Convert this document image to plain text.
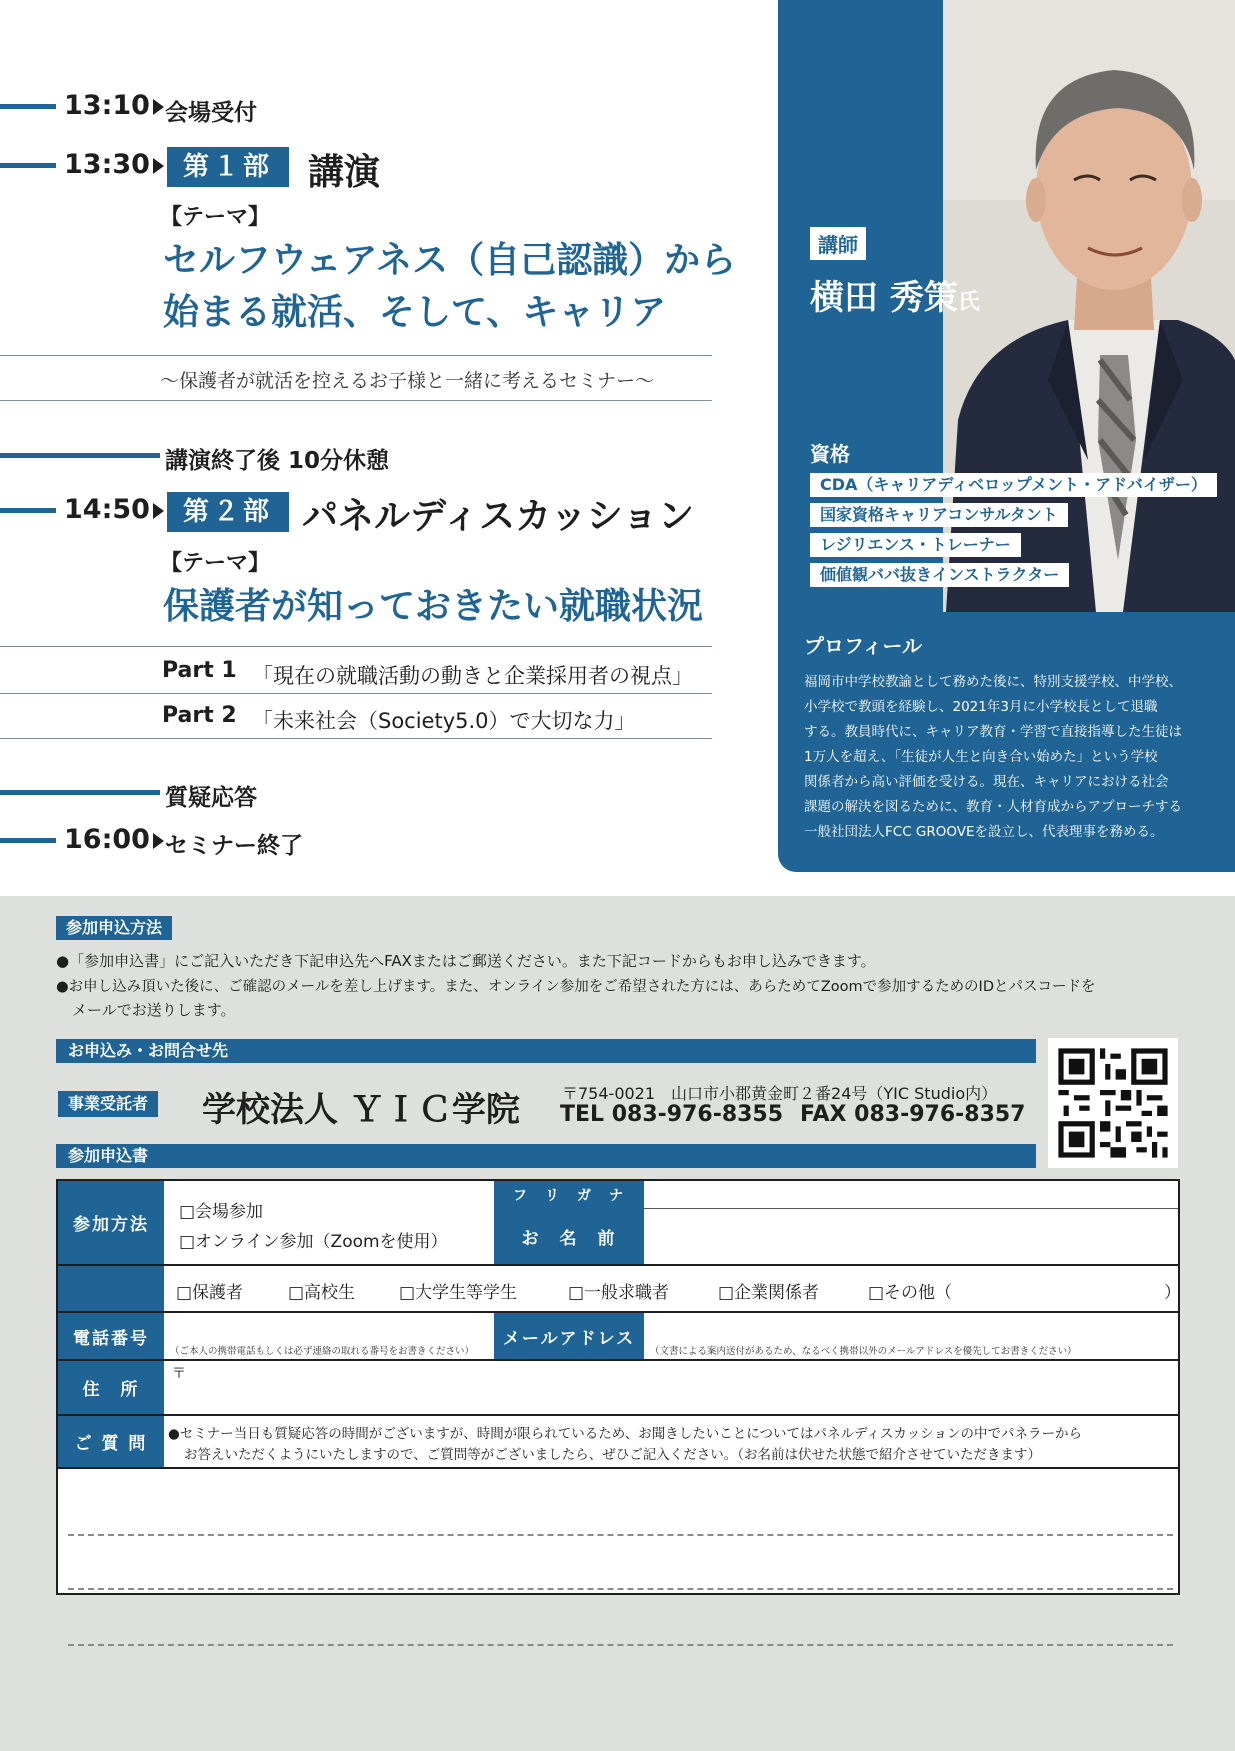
13:10 会場受付
13:30	第１部 講演
【テーマ】
セルフウェアネス（自己認識）から
始まる就活、そして、キャリア
〜保護者が就活を控えるお子様と一緒に考えるセミナー〜
講演終了後 10分休憩
14:50	第２部 パネルディスカッション
【テーマ】
保護者が知っておきたい就職状況
Part 1 「現在の就職活動の動きと企業採用者の視点」
Part 2 「未来社会（Society5.0）で大切な力」
質疑応答
16:00 セミナー終了
講師
横田 秀策氏
資格
CDA（キャリアディベロップメント・アドバイザー）
国家資格キャリアコンサルタント
レジリエンス・トレーナー
価値観ババ抜きインストラクター
プロフィール
福岡市中学校教諭として務めた後に、特別支援学校、中学校、
小学校で教頭を経験し、2021年3月に小学校長として退職
する。教員時代に、キャリア教育・学習で直接指導した生徒は
1万人を超え、「生徒が人生と向き合い始めた」という学校
関係者から高い評価を受ける。現在、キャリアにおける社会
課題の解決を図るために、教育・人材育成からアプローチする
一般社団法人FCC GROOVEを設立し、代表理事を務める。
参加申込方法
●「参加申込書」にご記入いただき下記申込先へFAXまたはご郵送ください。また下記コードからもお申し込みできます。
●お申し込み頂いた後に、ご確認のメールを差し上げます。また、オンライン参加をご希望された方には、あらためてZoomで参加するためのIDとパスコードを
メールでお送りします。
お申込み・お問合せ先
事業受託者 学校法人 ＹＩＣ学院	〒754-0021　山口市小郡黄金町２番24号（YIC Studio内）
TEL 083-976-8355 FAX 083-976-8357
参加申込書
参加方法
□会場参加
□オンライン参加（Zoomを使用）
フ　リ　ガ　ナ
お　名　前
□保護者	□高校生	□大学生等学生	□一般求職者	□企業関係者	□その他（	）
電話番号
（ご本人の携帯電話もしくは必ず連絡の取れる番号をお書きください）
メールアドレス
（文書による案内送付があるため、なるべく携帯以外のメールアドレスを優先してお書きください）
住　所
〒
ご 質 問	●セミナー当日も質疑応答の時間がございますが、時間が限られているため、お聞きしたいことについてはパネルディスカッションの中でパネラーから
お答えいただくようにいたしますので、ご質問等がございましたら、ぜひご記入ください。（お名前は伏せた状態で紹介させていただきます）
